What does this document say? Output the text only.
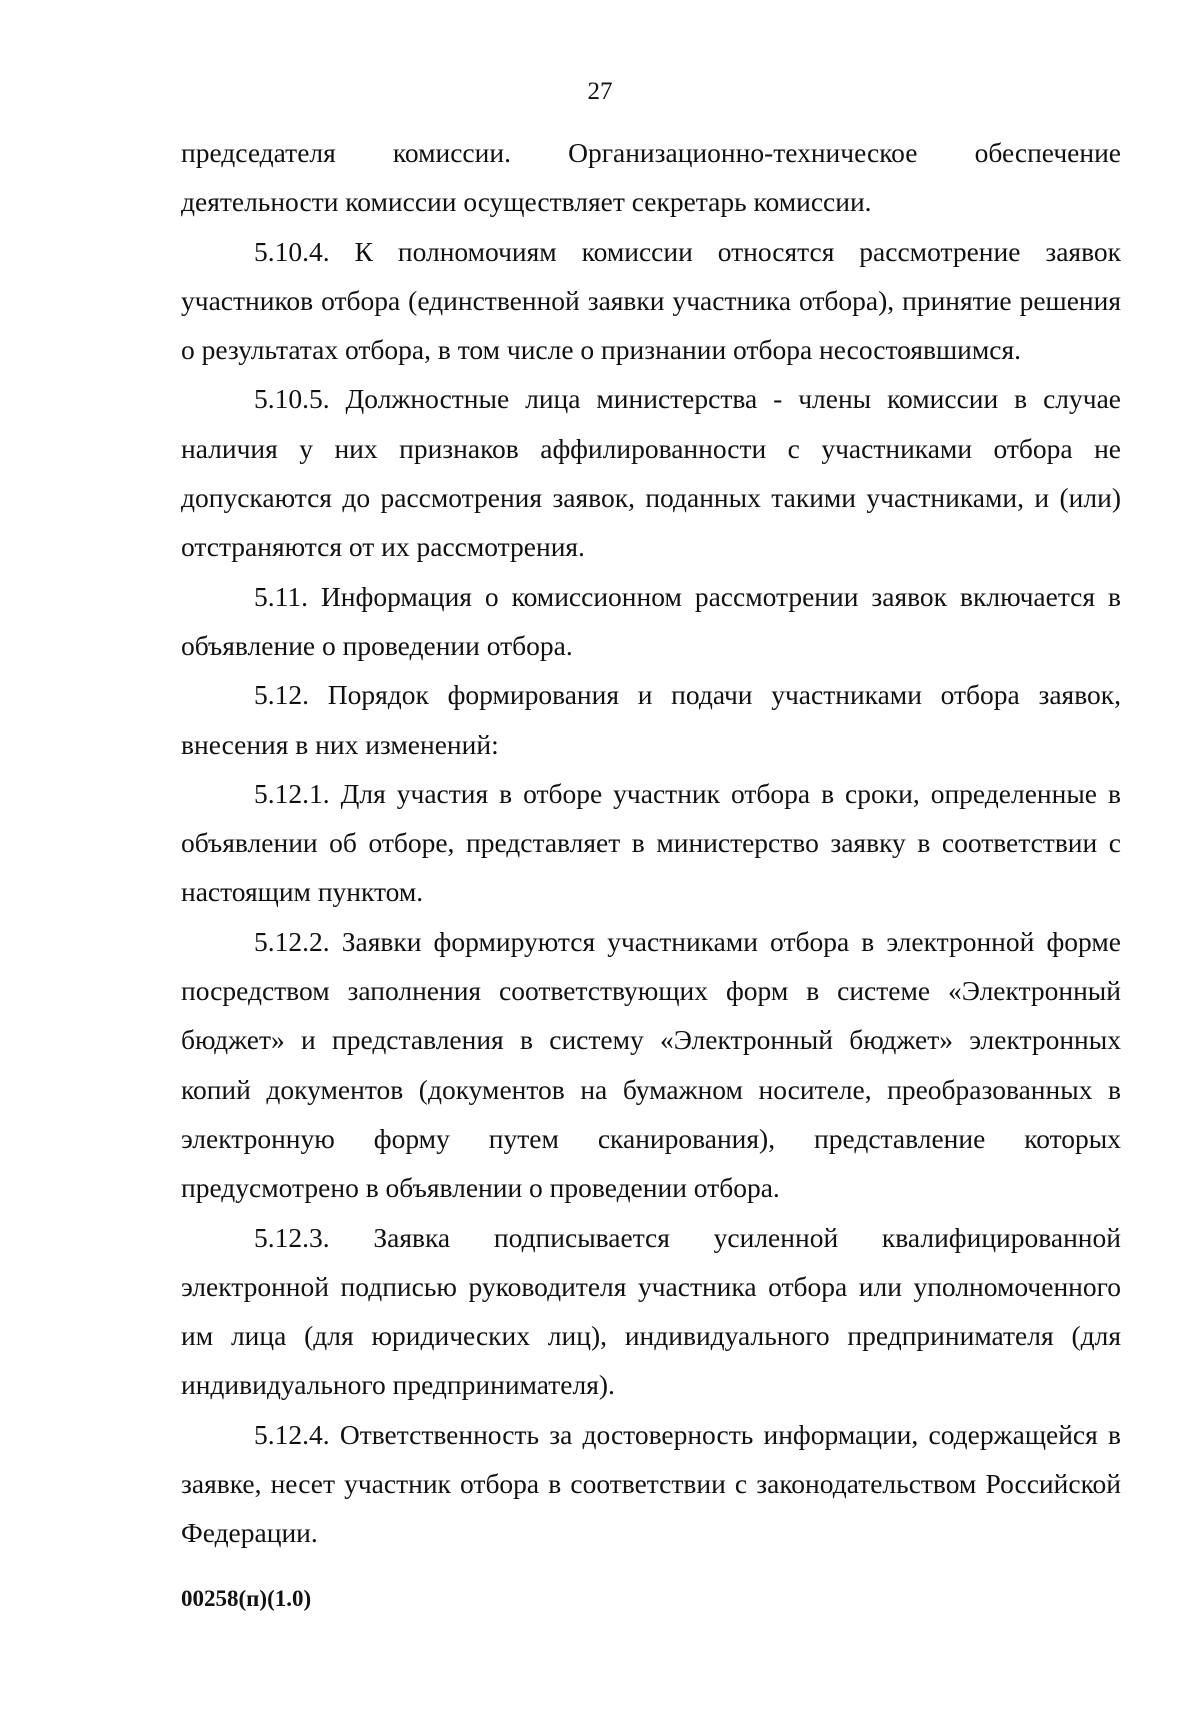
27

председателя комиссии. Организационно-техническое обеспечение деятельности комиссии осуществляет секретарь комиссии.

5.10.4. К полномочиям комиссии относятся рассмотрение заявок участников отбора (единственной заявки участника отбора), принятие решения о результатах отбора, в том числе о признании отбора несостоявшимся.

5.10.5. Должностные лица министерства - члены комиссии в случае наличия у них признаков аффилированности с участниками отбора не допускаются до рассмотрения заявок, поданных такими участниками, и (или) отстраняются от их рассмотрения.

5.11. Информация о комиссионном рассмотрении заявок включается в объявление о проведении отбора.

5.12. Порядок формирования и подачи участниками отбора заявок, внесения в них изменений:

5.12.1. Для участия в отборе участник отбора в сроки, определенные в объявлении об отборе, представляет в министерство заявку в соответствии с настоящим пунктом.

5.12.2. Заявки формируются участниками отбора в электронной форме посредством заполнения соответствующих форм в системе «Электронный бюджет» и представления в систему «Электронный бюджет» электронных копий документов (документов на бумажном носителе, преобразованных в электронную форму путем сканирования), представление которых предусмотрено в объявлении о проведении отбора.

5.12.3. Заявка подписывается усиленной квалифицированной электронной подписью руководителя участника отбора или уполномоченного им лица (для юридических лиц), индивидуального предпринимателя (для индивидуального предпринимателя).

5.12.4. Ответственность за достоверность информации, содержащейся в заявке, несет участник отбора в соответствии с законодательством Российской Федерации.

00258(п)(1.0)
